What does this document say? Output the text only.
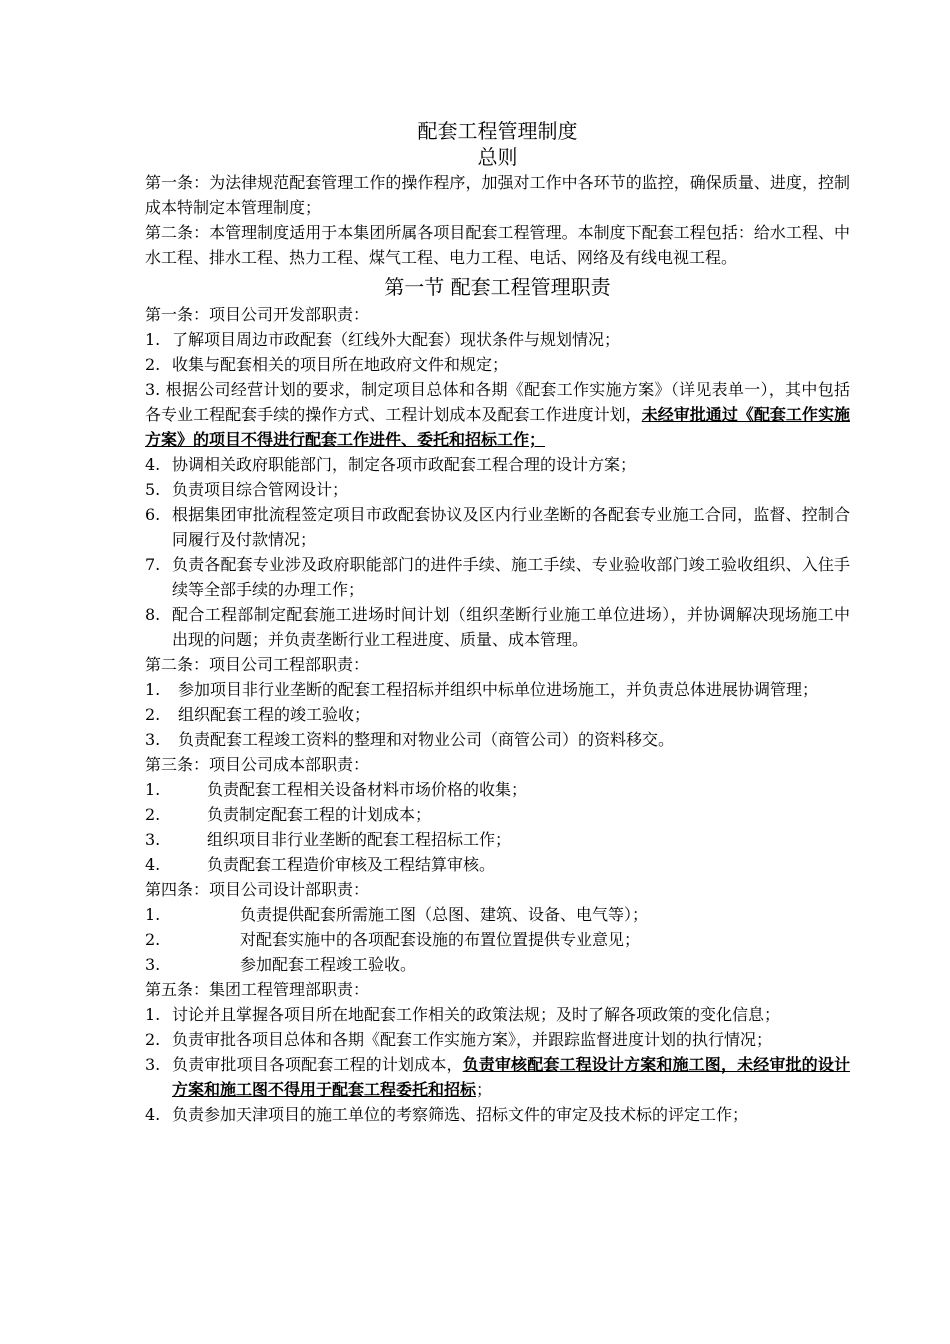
配套工程管理制度

总则

第一条：为法律规范配套管理工作的操作程序，加强对工作中各环节的监控，确保质量、进度，控制成本特制定本管理制度；

第二条：本管理制度适用于本集团所属各项目配套工程管理。本制度下配套工程包括：给水工程、中水工程、排水工程、热力工程、煤气工程、电力工程、电话、网络及有线电视工程。

第一节 配套工程管理职责

第一条：项目公司开发部职责：

1. 了解项目周边市政配套（红线外大配套）现状条件与规划情况；
2. 收集与配套相关的项目所在地政府文件和规定；

3. 根据公司经营计划的要求，制定项目总体和各期《配套工作实施方案》（详见表单一），其中包括各专业工程配套手续的操作方式、工程计划成本及配套工作进度计划，未经审批通过《配套工作实施方案》的项目不得进行配套工作进件、委托和招标工作；

4. 协调相关政府职能部门，制定各项市政配套工程合理的设计方案；
5. 负责项目综合管网设计；
6. 根据集团审批流程签定项目市政配套协议及区内行业垄断的各配套专业施工合同，监督、控制合同履行及付款情况；
7. 负责各配套专业涉及政府职能部门的进件手续、施工手续、专业验收部门竣工验收组织、入住手续等全部手续的办理工作；
8. 配合工程部制定配套施工进场时间计划（组织垄断行业施工单位进场），并协调解决现场施工中出现的问题；并负责垄断行业工程进度、质量、成本管理。

第二条：项目公司工程部职责：

1.	参加项目非行业垄断的配套工程招标并组织中标单位进场施工，并负责总体进展协调管理；
2.	组织配套工程的竣工验收；
3.	负责配套工程竣工资料的整理和对物业公司（商管公司）的资料移交。

第三条：项目公司成本部职责：

1.	负责配套工程相关设备材料市场价格的收集；
2.	负责制定配套工程的计划成本；
3.	组织项目非行业垄断的配套工程招标工作；
4.	负责配套工程造价审核及工程结算审核。

第四条：项目公司设计部职责：

1.	负责提供配套所需施工图（总图、建筑、设备、电气等）；
2.	对配套实施中的各项配套设施的布置位置提供专业意见；
3.	参加配套工程竣工验收。

第五条：集团工程管理部职责：

1. 讨论并且掌握各项目所在地配套工作相关的政策法规；及时了解各项政策的变化信息；
2. 负责审批各项目总体和各期《配套工作实施方案》，并跟踪监督进度计划的执行情况；
3. 负责审批项目各项配套工程的计划成本，负责审核配套工程设计方案和施工图，未经审批的设计方案和施工图不得用于配套工程委托和招标；
4. 负责参加天津项目的施工单位的考察筛选、招标文件的审定及技术标的评定工作；
